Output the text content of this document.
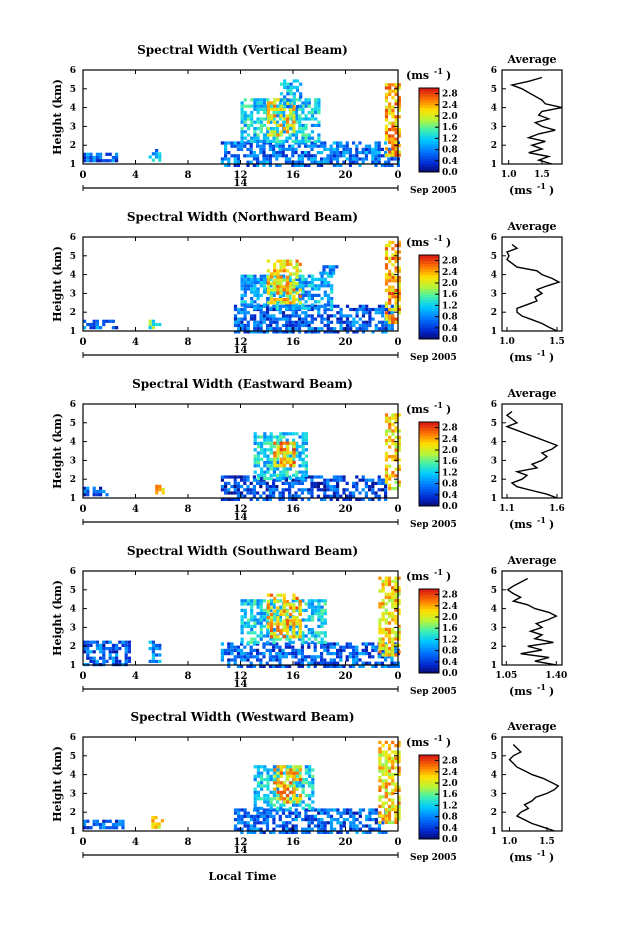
Spectral Width (Vertical Beam)
0	4	8	12	16	20	0
1
2
3
4
5
6
Height (km)
14
Sep 2005
0.0
0.4
0.8
1.2
1.6
2.0
2.4
2.8
(ms -1 )
Average
1
2
3
4
5
6
1.0 1.5
(ms -1 )
Spectral Width (Northward Beam)
0	4	8	12	16	20	0
1
2
3
4
5
6
Height (km)
14
Sep 2005
0.0
0.4
0.8
1.2
1.6
2.0
2.4
2.8
(ms -1 )
Average
1
2
3
4
5
6
1.0	1.5
(ms -1 )
Spectral Width (Eastward Beam)
0	4	8	12	16	20	0
1
2
3
4
5
6
Height (km)
14
Sep 2005
0.0
0.4
0.8
1.2
1.6
2.0
2.4
2.8
(ms -1 )
Average
1
2
3
4
5
6
1.1	1.6
(ms -1 )
Spectral Width (Southward Beam)
0	4	8	12	16	20	0
1
2
3
4
5
6
Height (km)
14
Sep 2005
0.0
0.4
0.8
1.2
1.6
2.0
2.4
2.8
(ms -1 )
Average
1
2
3
4
5
6
1.05	1.40
(ms -1 )
Spectral Width (Westward Beam)
0	4	8	12	16	20	0
1
2
3
4
5
6
Height (km)
14
Sep 2005
0.0
0.4
0.8
1.2
1.6
2.0
2.4
2.8
(ms -1 )
Average
1
2
3
4
5
6
1.0 1.5
(ms -1 )
Local Time
